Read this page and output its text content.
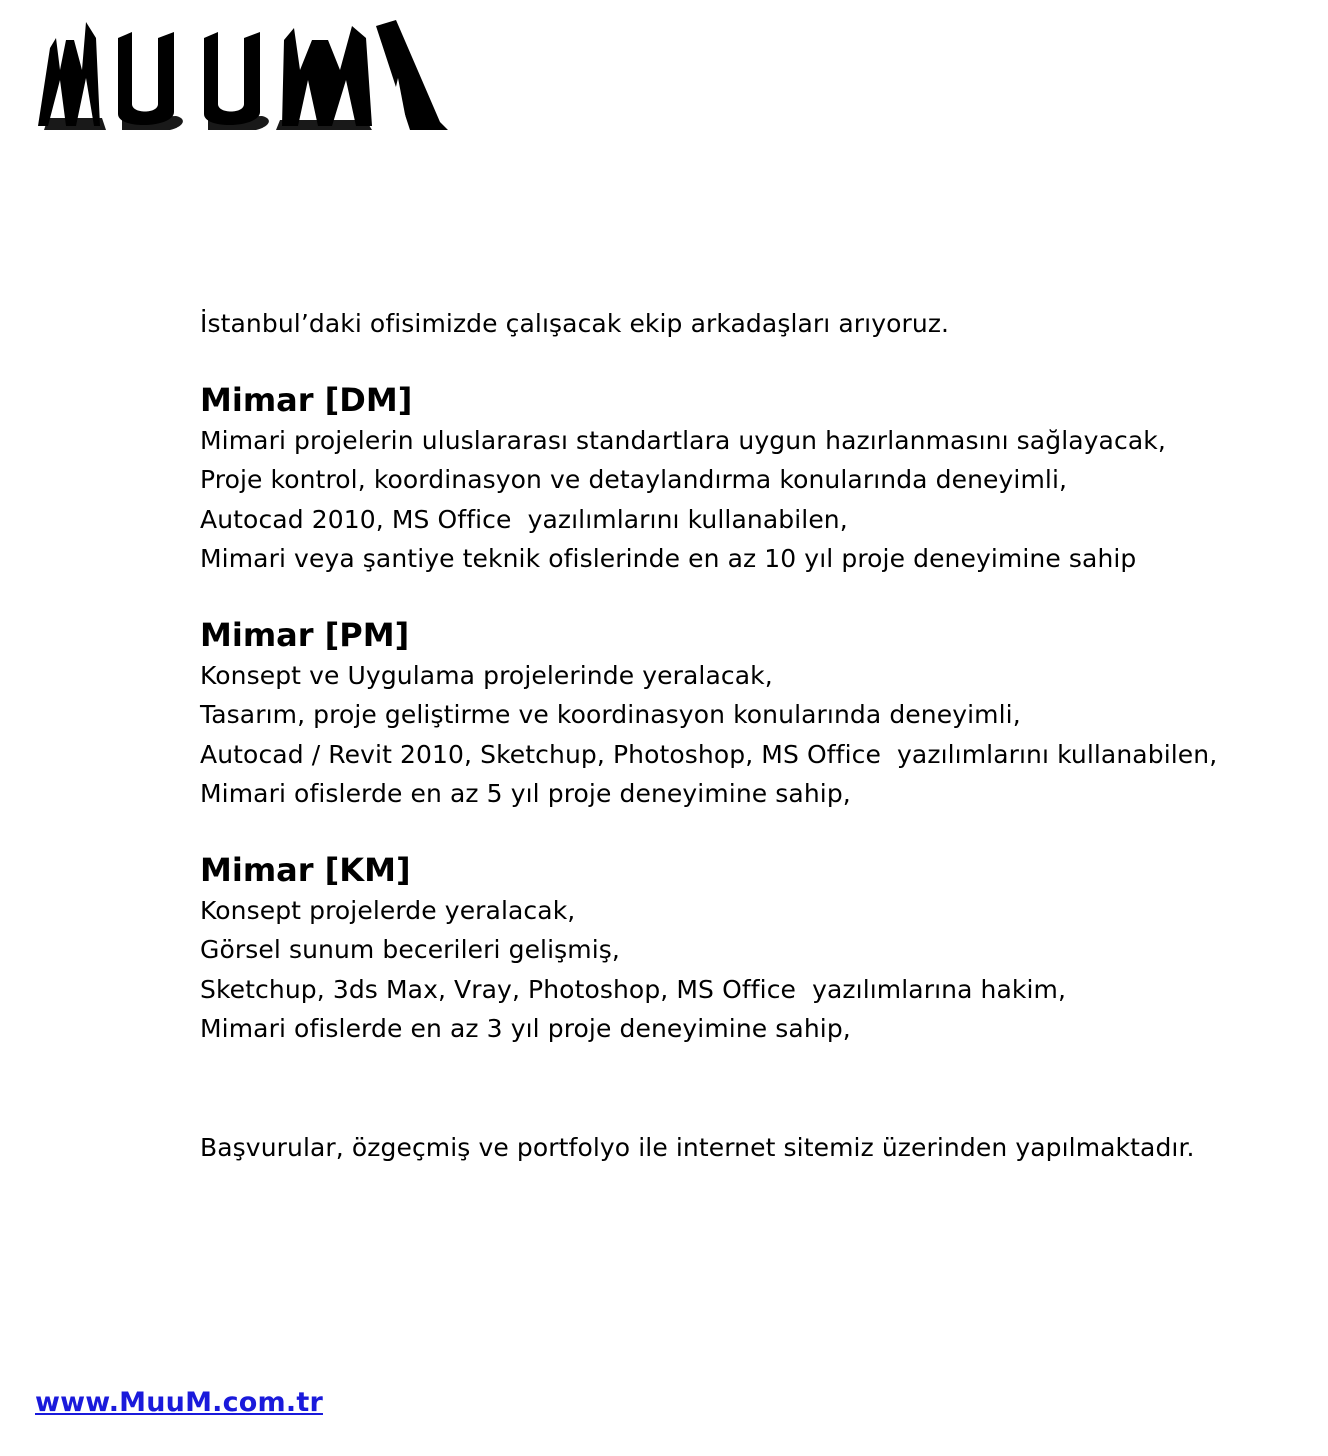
İstanbul’daki ofisimizde çalışacak ekip arkadaşları arıyoruz.
Mimar [DM]

Mimari projelerin uluslararası standartlara uygun hazırlanmasını sağlayacak,

Proje kontrol, koordinasyon ve detaylandırma konularında deneyimli,

Autocad 2010, MS Office  yazılımlarını kullanabilen,

Mimari veya şantiye teknik ofislerinde en az 10 yıl proje deneyimine sahip

Mimar [PM]

Konsept ve Uygulama projelerinde yeralacak,

Tasarım, proje geliştirme ve koordinasyon konularında deneyimli,

Autocad / Revit 2010, Sketchup, Photoshop, MS Office  yazılımlarını kullanabilen,

Mimari ofislerde en az 5 yıl proje deneyimine sahip,

Mimar [KM]

Konsept projelerde yeralacak,

Görsel sunum becerileri gelişmiş,

Sketchup, 3ds Max, Vray, Photoshop, MS Office  yazılımlarına hakim,

Mimari ofislerde en az 3 yıl proje deneyimine sahip,

Başvurular, özgeçmiş ve portfolyo ile internet sitemiz üzerinden yapılmaktadır.
www.MuuM.com.tr
